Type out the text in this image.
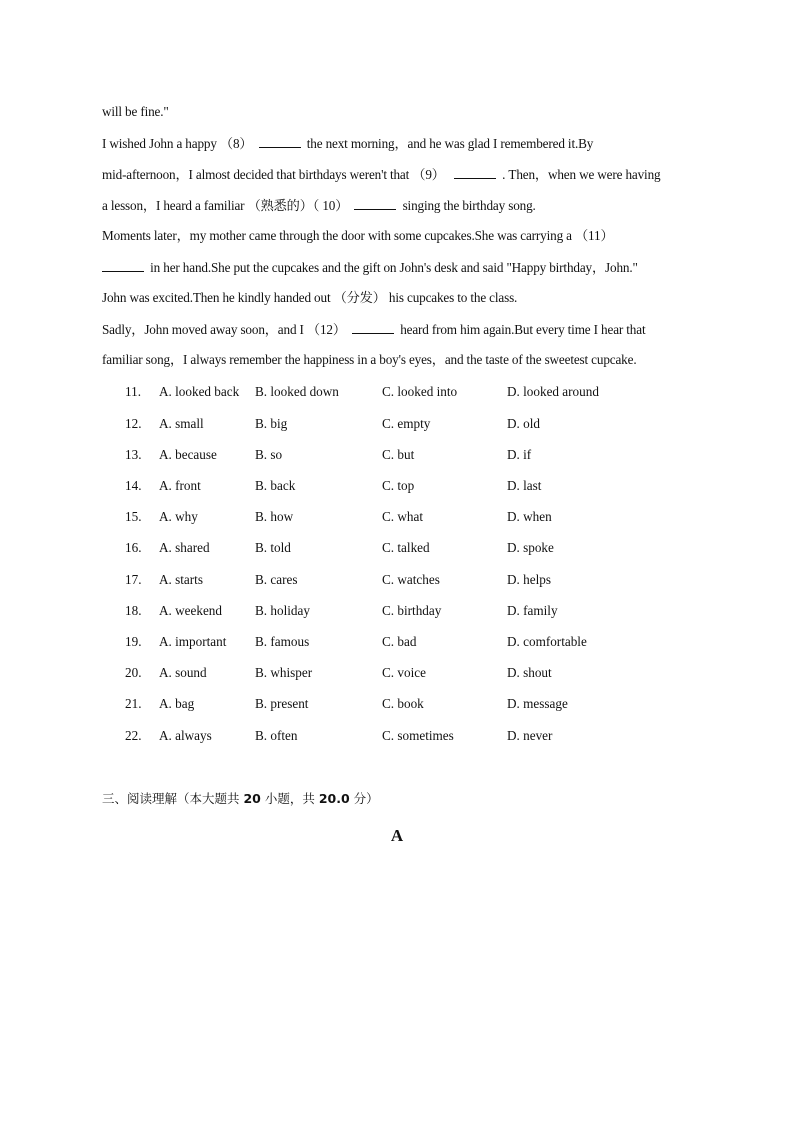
will be fine."
I wished John a happy （8）	the next morning，and he was glad I remembered it.By
mid-afternoon，I almost decided that birthdays weren't that （9）	. Then，when we were having
a lesson，I heard a familiar （熟悉的）（ 10）	singing the birthday song.
Moments later，my mother came through the door with some cupcakes.She was carrying a （11）
in her hand.She put the cupcakes and the gift on John's desk and said "Happy birthday，John."
John was excited.Then he kindly handed out （分发） his cupcakes to the class.
Sadly，John moved away soon，and I （12）	heard from him again.But every time I hear that
familiar song，I always remember the happiness in a boy's eyes，and the taste of the sweetest cupcake.
11. A. looked back B. looked down	C. looked into	D. looked around
12. A. small	B. big	C. empty	D. old
13. A. because	B. so	C. but	D. if
14. A. front	B. back	C. top	D. last
15. A. why	B. how	C. what	D. when
16. A. shared	B. told	C. talked	D. spoke
17. A. starts	B. cares	C. watches	D. helps
18. A. weekend	B. holiday	C. birthday	D. family
19. A. important B. famous	C. bad	D. comfortable
20. A. sound	B. whisper	C. voice	D. shout
21. A. bag	B. present	C. book	D. message
22. A. always	B. often	C. sometimes	D. never
三、阅读理解（本大题共 20 小题，共 20.0 分）
A
